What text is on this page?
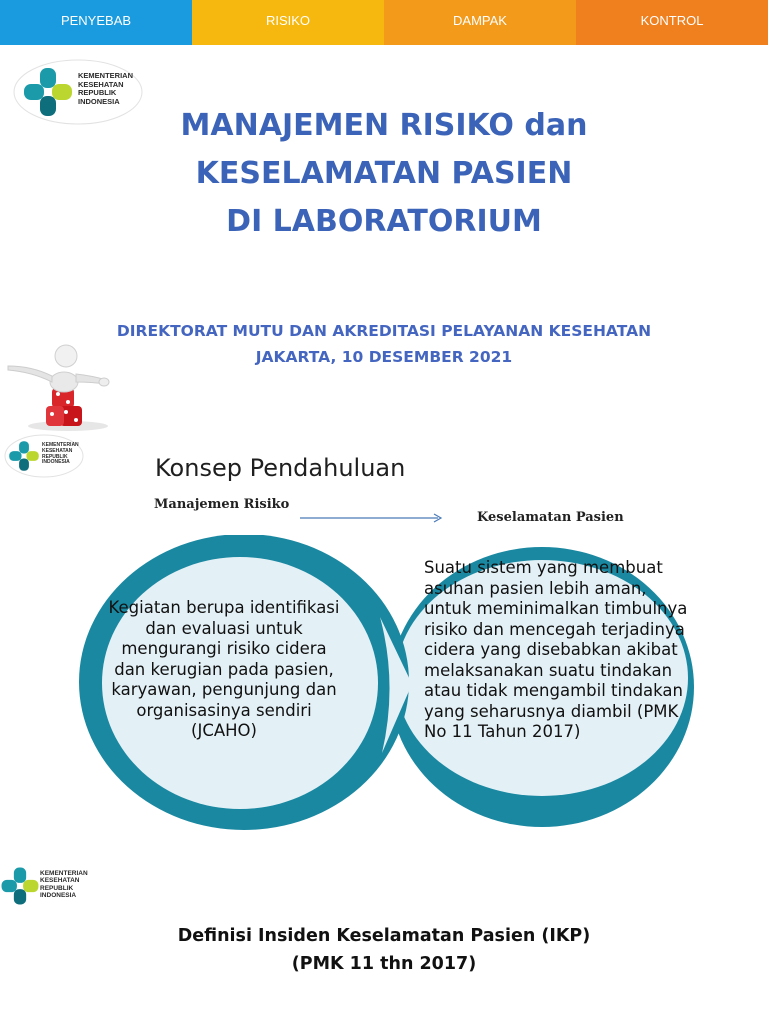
PENYEBAB	RISIKO	DAMPAK	KONTROL
KEMENTERIAN
KESEHATAN
REPUBLIK
INDONESIA
MANAJEMEN RISIKO dan
KESELAMATAN PASIEN
DI LABORATORIUM
DIREKTORAT MUTU DAN AKREDITASI PELAYANAN KESEHATAN
JAKARTA, 10 DESEMBER 2021
KEMENTERIAN
KESEHATAN
REPUBLIK
INDONESIA	Konsep Pendahuluan
Manajemen Risiko
Keselamatan Pasien
Kegiatan berupa identifikasi dan evaluasi untuk mengurangi risiko cidera dan kerugian pada pasien, karyawan, pengunjung dan organisasinya sendiri (JCAHO)
Suatu sistem yang membuat asuhan pasien lebih aman, untuk meminimalkan timbulnya risiko dan mencegah terjadinya cidera yang disebabkan akibat melaksanakan suatu tindakan atau tidak mengambil tindakan yang seharusnya diambil (PMK No 11 Tahun 2017)
KEMENTERIAN
KESEHATAN
REPUBLIK
INDONESIA
Definisi Insiden Keselamatan Pasien (IKP)
(PMK 11 thn 2017)
